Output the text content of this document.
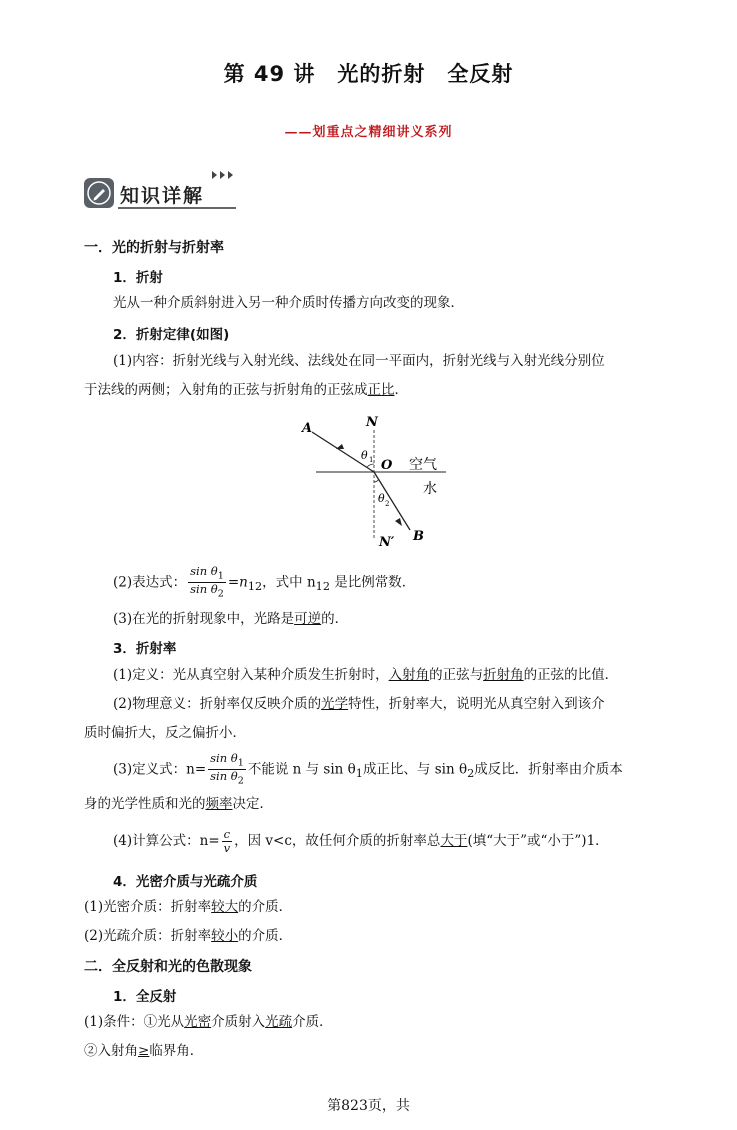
第 49 讲　光的折射　全反射
——划重点之精细讲义系列
知识详解
一．光的折射与折射率
1．折射
光从一种介质斜射进入另一种介质时传播方向改变的现象．
2．折射定律(如图)
(1)内容：折射光线与入射光线、法线处在同一平面内，折射光线与入射光线分别位
于法线的两侧；入射角的正弦与折射角的正弦成正比．
A	N
θ 1 O 空气
水
θ 2
N′ B
(2)表达式： $\frac{\sin \theta_1}{\sin \theta_2} =n_{12}$，式中 $n_{12}$ 是比例常数．
(3)在光的折射现象中，光路是可逆的．
3．折射率
(1)定义：光从真空射入某种介质发生折射时，入射角的正弦与折射角的正弦的比值．
(2)物理意义：折射率仅反映介质的光学特性，折射率大，说明光从真空射入到该介
质时偏折大，反之偏折小．
(3)定义式：$n= \frac{\sin \theta_1}{\sin \theta_2}$ 不能说 n 与 $\sin \theta_1$成正比、与 $\sin \theta_2$成反比．折射率由介质本
身的光学性质和光的频率决定．
(4)计算公式：$n= \frac{c}{v}$ ，因 v<c，故任何介质的折射率总大于(填“大于”或“小于”)1．
4．光密介质与光疏介质
(1)光密介质：折射率较大的介质．
(2)光疏介质：折射率较小的介质．
二．全反射和光的色散现象
1．全反射
(1)条件：①光从光密介质射入光疏介质．
②入射角≥临界角．
第823页，共
